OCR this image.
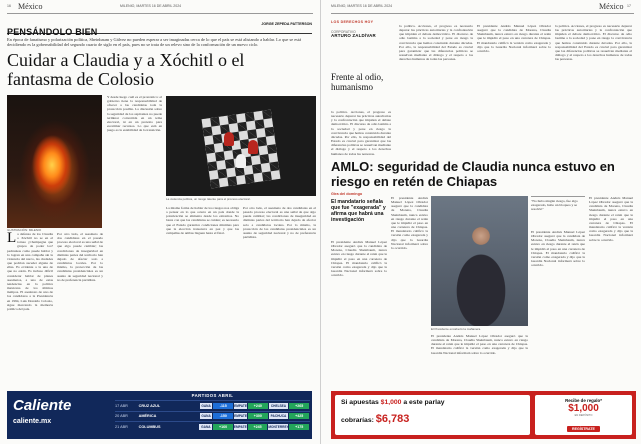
16 México	MILENIO, MARTES 16 DE ABRIL 2024
PENSÁNDOLO BIEN
JORGE ZEPEDA PATTERSON
En época de fanatismo y polarización política, Sheinbaum y Gálvez no pueden esperar a ser imaginadas cerca de lo que el país se está alistando a hablar. Lo que se está decidiendo es la gobernabilidad del segundo cuarto de siglo en el país, pues no se trata de un relevo sino de la conformación de un nuevo ciclo.
Cuidar a Claudia y a Xóchitl o el fantasma de Colosio
ILUSTRACIÓN: MILENIO
La defensa de los Claudia o Xóchitl no se en el torneo ¿Champagne que grupos de poder los? pedruskas como puede hablar y lo logran en una campaña sin la violencia del narco, las ciudades que podrían suceder alguna de ellas. Es evidente a la una de que no están. Es incluso difícil considerar hablar de planes asesinatos, a uno de estas tendencias en la política mexicana de los últimos tiempos. El asesinato de uno de los candidatos a la Presidencia en 1994, Luis Donaldo Colosio, sigue marcando la memoria política del país.
Por otro lado, el asesinato de dos candidatas en el pasado proceso electoral es una señal de que algo puede cambiar; las condiciones de inseguridad en distintas partes del territorio han dejado de afectar solo a candidatos locales. Por lo mismo, la protección de las candidatas presidenciales es un asunto de seguridad nacional y no de preferencia partidista.
Y desde luego cuál es el pronóstico: el gobierno tiene la responsabilidad de ofrecer a las candidatas toda la protección posible. La discusión sobre la seguridad de los aspirantes no puede terminar convertida en un tema electoral, ni en un pretexto para escatimar recursos. Lo que está en juego es la estabilidad de la transición.
La violencia política, un riesgo latente para el proceso electoral.
La misma forma de hablar de los riesgos nos obliga a pensar en lo que ocurre en un país donde la polarización se alimenta desde los extremos. No basta con que las candidatas se cuiden; es necesario que el Estado garantice condiciones mínimas para que la elección transcurra en paz y que las campañas de ambas lleguen hasta el final.
Por otro lado, el asesinato de dos candidatas en el pasado proceso electoral es una señal de que algo puede cambiar; las condiciones de inseguridad en distintas partes del territorio han dejado de afectar solo a candidatos locales. Por lo mismo, la protección de las candidatas presidenciales es un asunto de seguridad nacional y no de preferencia partidista.
Caliente
caliente.mx
PARTIDOS ABRIL
17 ABR	CRUZ AZUL	GANA	-115	EMPATE	+240	CHELSEA	+265
20 ABR	AMÉRICA	GANA	-150	EMPATE	+300	PACHUCA	+425
21 ABR	COLUMBUS	GANA	+160	EMPATE	+245	MONTERREY	+175
MILENIO, MARTES 16 DE ABRIL 2024	México 17
LOS DERECHOS HOY
CORPORATIVO
ARTURO ZALDÍVAR
Frente al odio, humanismo
la política. Acciones, el progreso es necesario depurar las prácticas autoritarias y la confrontación que impiden el debate democrático. El discurso de odio lastima a la sociedad y pone en riesgo la convivencia que hemos construido durante décadas. Por ello, la responsabilidad del Estado es crucial para garantizar que las diferencias políticas se resuelvan mediante el diálogo y el respeto a los derechos humanos de todas las personas.
la política. Acciones, el progreso es necesario depurar las prácticas autoritarias y la confrontación que impiden el debate democrático. El discurso de odio lastima a la sociedad y pone en riesgo la convivencia que hemos construido durante décadas. Por ello, la responsabilidad del Estado es crucial para garantizar que las diferencias políticas se resuelvan mediante el diálogo y el respeto a los derechos humanos de todas las personas.
El presidente Andrés Manuel López Obrador aseguró que la candidata de Morena, Claudia Sheinbaum, nunca estuvo en riesgo durante el retén que le impidió el paso en una carretera de Chiapas. El mandatario calificó la versión como exagerada y dijo que la Guardia Nacional informará sobre lo ocurrido.
la política. Acciones, el progreso es necesario depurar las prácticas autoritarias y la confrontación que impiden el debate democrático. El discurso de odio lastima a la sociedad y pone en riesgo la convivencia que hemos construido durante décadas. Por ello, la responsabilidad del Estado es crucial para garantizar que las diferencias políticas se resuelvan mediante el diálogo y el respeto a los derechos humanos de todas las personas.
AMLO: seguridad de Claudia nunca estuvo en riesgo en retén de Chiapas
Gira del domingo
El mandatario señala que fue "exagerada" y afirma que habrá una investigación
El presidente Andrés Manuel López Obrador aseguró que la candidata de Morena, Claudia Sheinbaum, nunca estuvo en riesgo durante el retén que le impidió el paso en una carretera de Chiapas. El mandatario calificó la versión como exagerada y dijo que la Guardia Nacional informará sobre lo ocurrido.
El presidente Andrés Manuel López Obrador aseguró que la candidata de Morena, Claudia Sheinbaum, nunca estuvo en riesgo durante el retén que le impidió el paso en una carretera de Chiapas. El mandatario calificó la versión como exagerada y dijo que la Guardia Nacional informará sobre lo ocurrido.
El Presidente encabezó la mañanera.
El presidente Andrés Manuel López Obrador aseguró que la candidata de Morena, Claudia Sheinbaum, nunca estuvo en riesgo durante el retén que le impidió el paso en una carretera de Chiapas. El mandatario calificó la versión como exagerada y dijo que la Guardia Nacional informará sobre lo ocurrido.
"No hubo ningún riesgo, fue algo exagerado, hubo un bloqueo y se resolvió"
El presidente Andrés Manuel López Obrador aseguró que la candidata de Morena, Claudia Sheinbaum, nunca estuvo en riesgo durante el retén que le impidió el paso en una carretera de Chiapas. El mandatario calificó la versión como exagerada y dijo que la Guardia Nacional informará sobre lo ocurrido.
El presidente Andrés Manuel López Obrador aseguró que la candidata de Morena, Claudia Sheinbaum, nunca estuvo en riesgo durante el retén que le impidió el paso en una carretera de Chiapas. El mandatario calificó la versión como exagerada y dijo que la Guardia Nacional informará sobre lo ocurrido.
Si apuestas $1,000 a este parlay
cobrarías: $6,783
Recibe de regalo*
$1,000
EN DEPÓSITO
REGÍSTRATE
